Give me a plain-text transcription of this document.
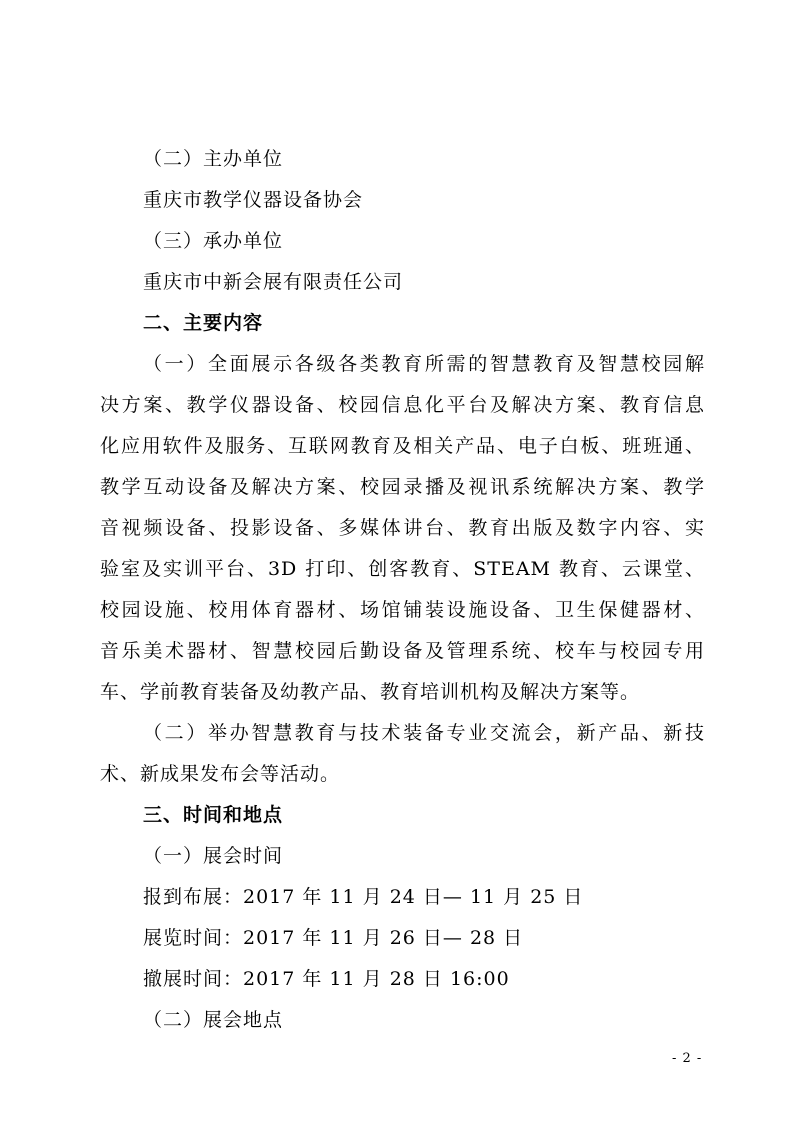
（二）主办单位
重庆市教学仪器设备协会
（三）承办单位
重庆市中新会展有限责任公司
二、主要内容
（一）全面展示各级各类教育所需的智慧教育及智慧校园解
决方案、教学仪器设备、校园信息化平台及解决方案、教育信息
化应用软件及服务、互联网教育及相关产品、电子白板、班班通、
教学互动设备及解决方案、校园录播及视讯系统解决方案、教学
音视频设备、投影设备、多媒体讲台、教育出版及数字内容、实
验室及实训平台、3D 打印、创客教育、STEAM 教育、云课堂、
校园设施、校用体育器材、场馆铺装设施设备、卫生保健器材、
音乐美术器材、智慧校园后勤设备及管理系统、校车与校园专用
车、学前教育装备及幼教产品、教育培训机构及解决方案等。
（二）举办智慧教育与技术装备专业交流会，新产品、新技
术、新成果发布会等活动。
三、时间和地点
（一）展会时间
报到布展：2017 年 11 月 24 日— 11 月 25 日
展览时间：2017 年 11 月 26 日— 28 日
撤展时间：2017 年 11 月 28 日 16:00
（二）展会地点
- 2 -
